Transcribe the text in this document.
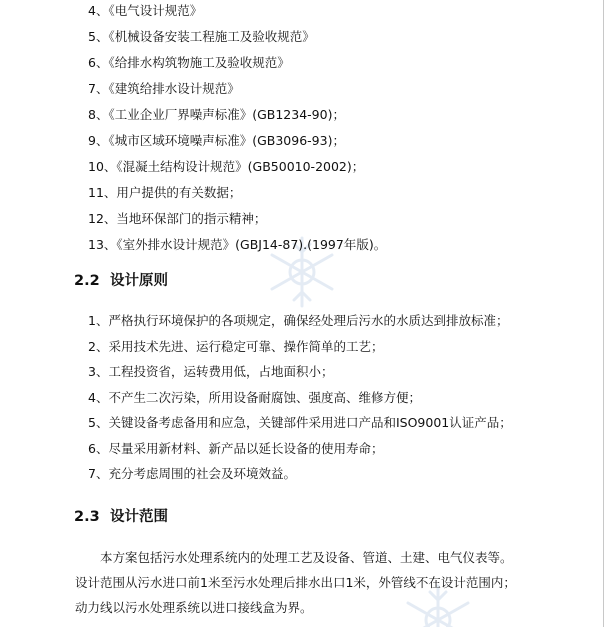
4、《电气设计规范》
5、《机械设备安装工程施工及验收规范》
6、《给排水构筑物施工及验收规范》
7、《建筑给排水设计规范》
8、《工业企业厂界噪声标准》(GB1234-90)；
9、《城市区域环境噪声标准》(GB3096-93)；
10、《混凝土结构设计规范》(GB50010-2002)；
11、用户提供的有关数据；
12、当地环保部门的指示精神；
13、《室外排水设计规范》(GBJ14-87).(1997年版)。
2.2 设计原则
1、严格执行环境保护的各项规定，确保经处理后污水的水质达到排放标准；
2、采用技术先进、运行稳定可靠、操作简单的工艺；
3、工程投资省，运转费用低，占地面积小；
4、不产生二次污染，所用设备耐腐蚀、强度高、维修方便；
5、关键设备考虑备用和应急，关键部件采用进口产品和ISO9001认证产品；
6、尽量采用新材料、新产品以延长设备的使用寿命；
7、充分考虑周围的社会及环境效益。
2.3 设计范围
本方案包括污水处理系统内的处理工艺及设备、管道、土建、电气仪表等。
设计范围从污水进口前1米至污水处理后排水出口1米，外管线不在设计范围内；
动力线以污水处理系统以进口接线盒为界。
